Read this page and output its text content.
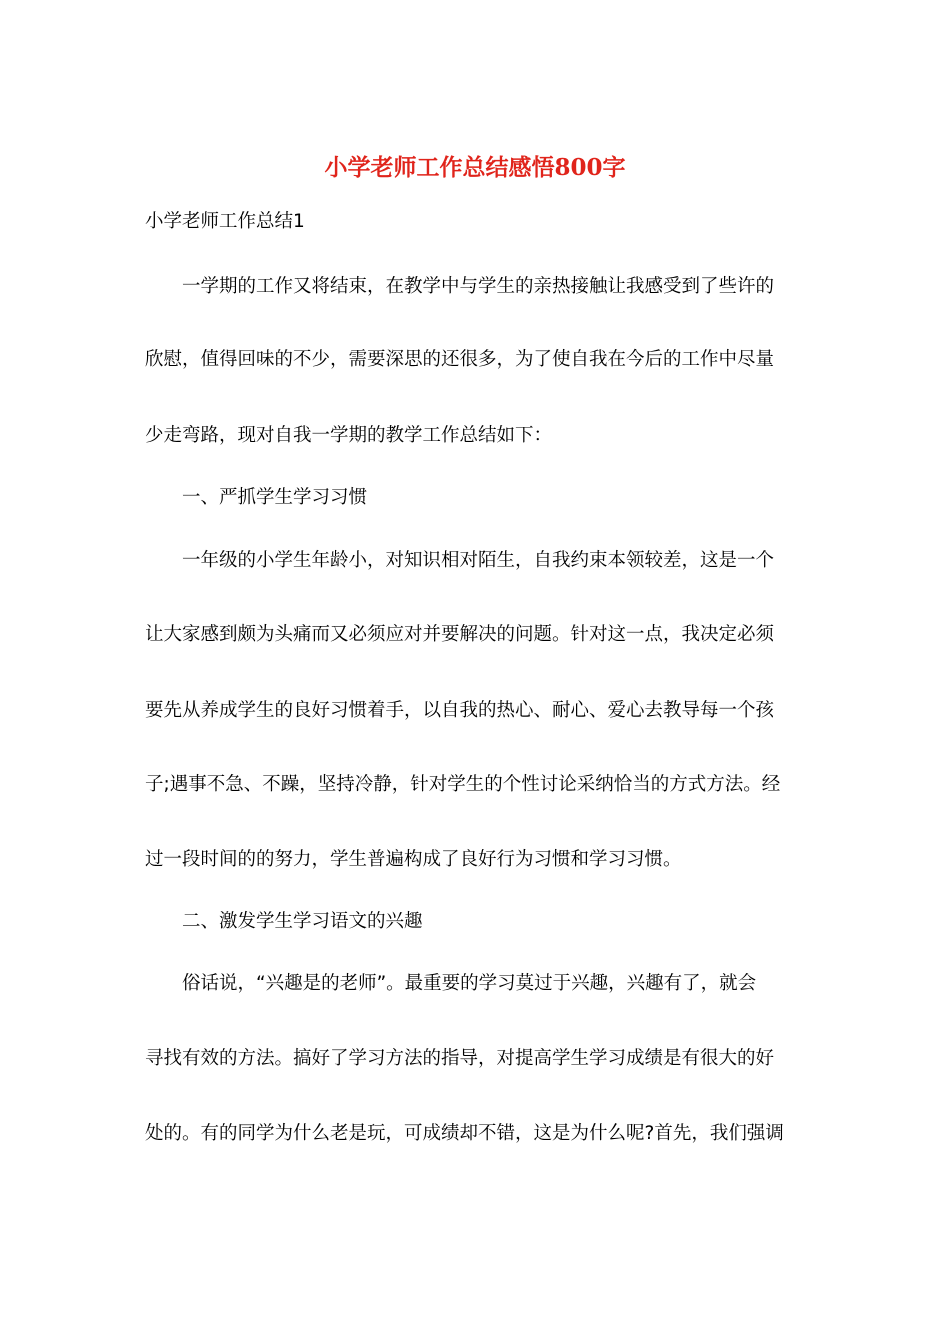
小学老师工作总结感悟800字

小学老师工作总结1

一学期的工作又将结束，在教学中与学生的亲热接触让我感受到了些许的

欣慰，值得回味的不少，需要深思的还很多，为了使自我在今后的工作中尽量

少走弯路，现对自我一学期的教学工作总结如下：

一、严抓学生学习习惯

一年级的小学生年龄小，对知识相对陌生，自我约束本领较差，这是一个

让大家感到颇为头痛而又必须应对并要解决的问题。针对这一点，我决定必须

要先从养成学生的良好习惯着手，以自我的热心、耐心、爱心去教导每一个孩

子;遇事不急、不躁，坚持冷静，针对学生的个性讨论采纳恰当的方式方法。经

过一段时间的的努力，学生普遍构成了良好行为习惯和学习习惯。

二、激发学生学习语文的兴趣

俗话说，“兴趣是的老师”。最重要的学习莫过于兴趣，兴趣有了，就会

寻找有效的方法。搞好了学习方法的指导，对提高学生学习成绩是有很大的好

处的。有的同学为什么老是玩，可成绩却不错，这是为什么呢?首先，我们强调
